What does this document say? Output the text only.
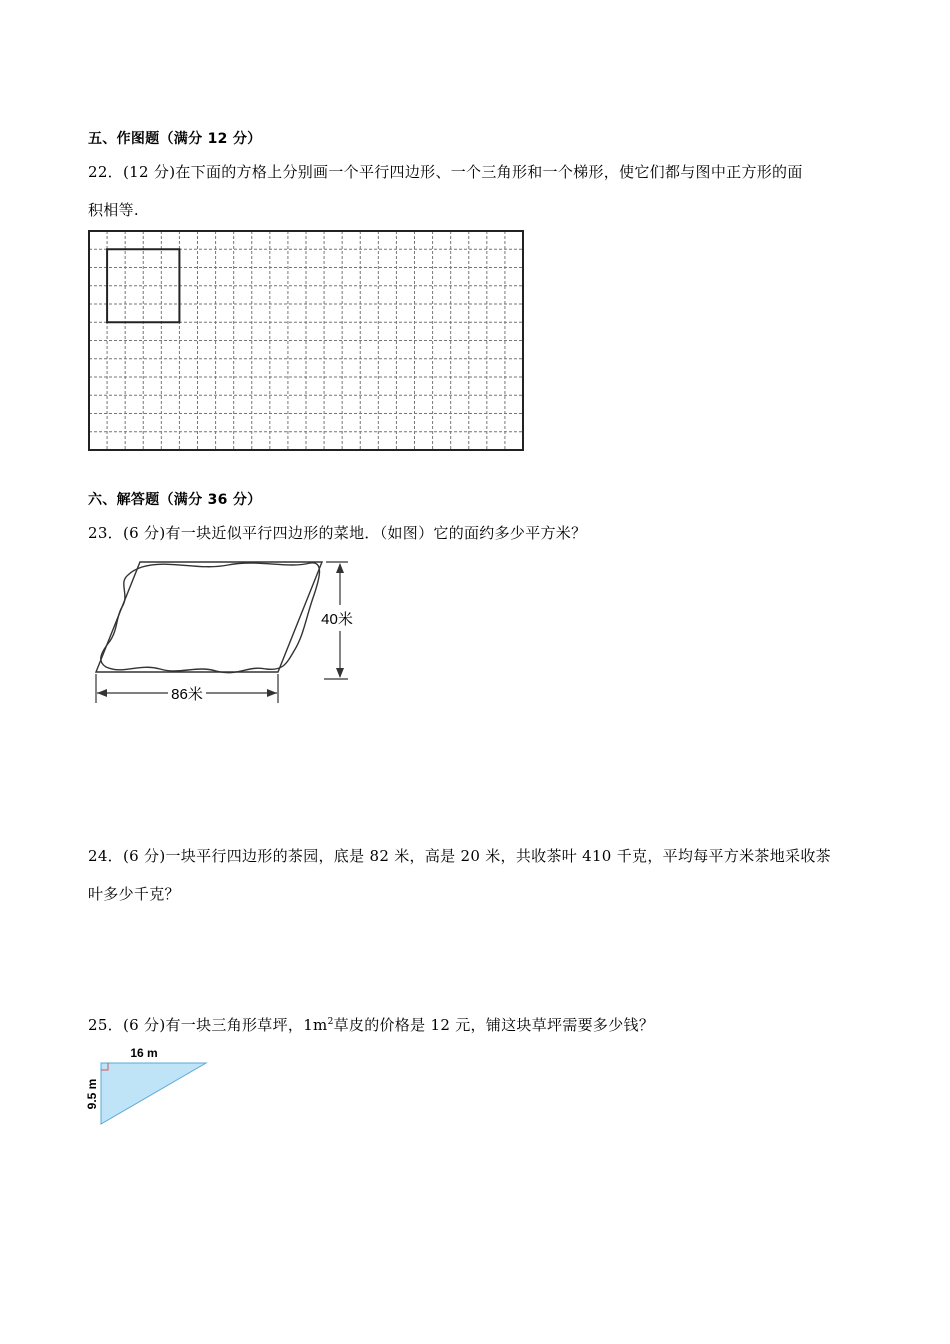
五、作图题（满分 12 分）
22．(12 分)在下面的方格上分别画一个平行四边形、一个三角形和一个梯形，使它们都与图中正方形的面
积相等.
六、解答题（满分 36 分）
23．(6 分)有一块近似平行四边形的菜地．（如图）它的面约多少平方米？
40米
86米
24．(6 分)一块平行四边形的茶园，底是 82 米，高是 20 米，共收茶叶 410 千克，平均每平方米茶地采收茶
叶多少千克？
25．(6 分)有一块三角形草坪，$1m^2$草皮的价格是 12 元，铺这块草坪需要多少钱？
16 m
9.5 m
